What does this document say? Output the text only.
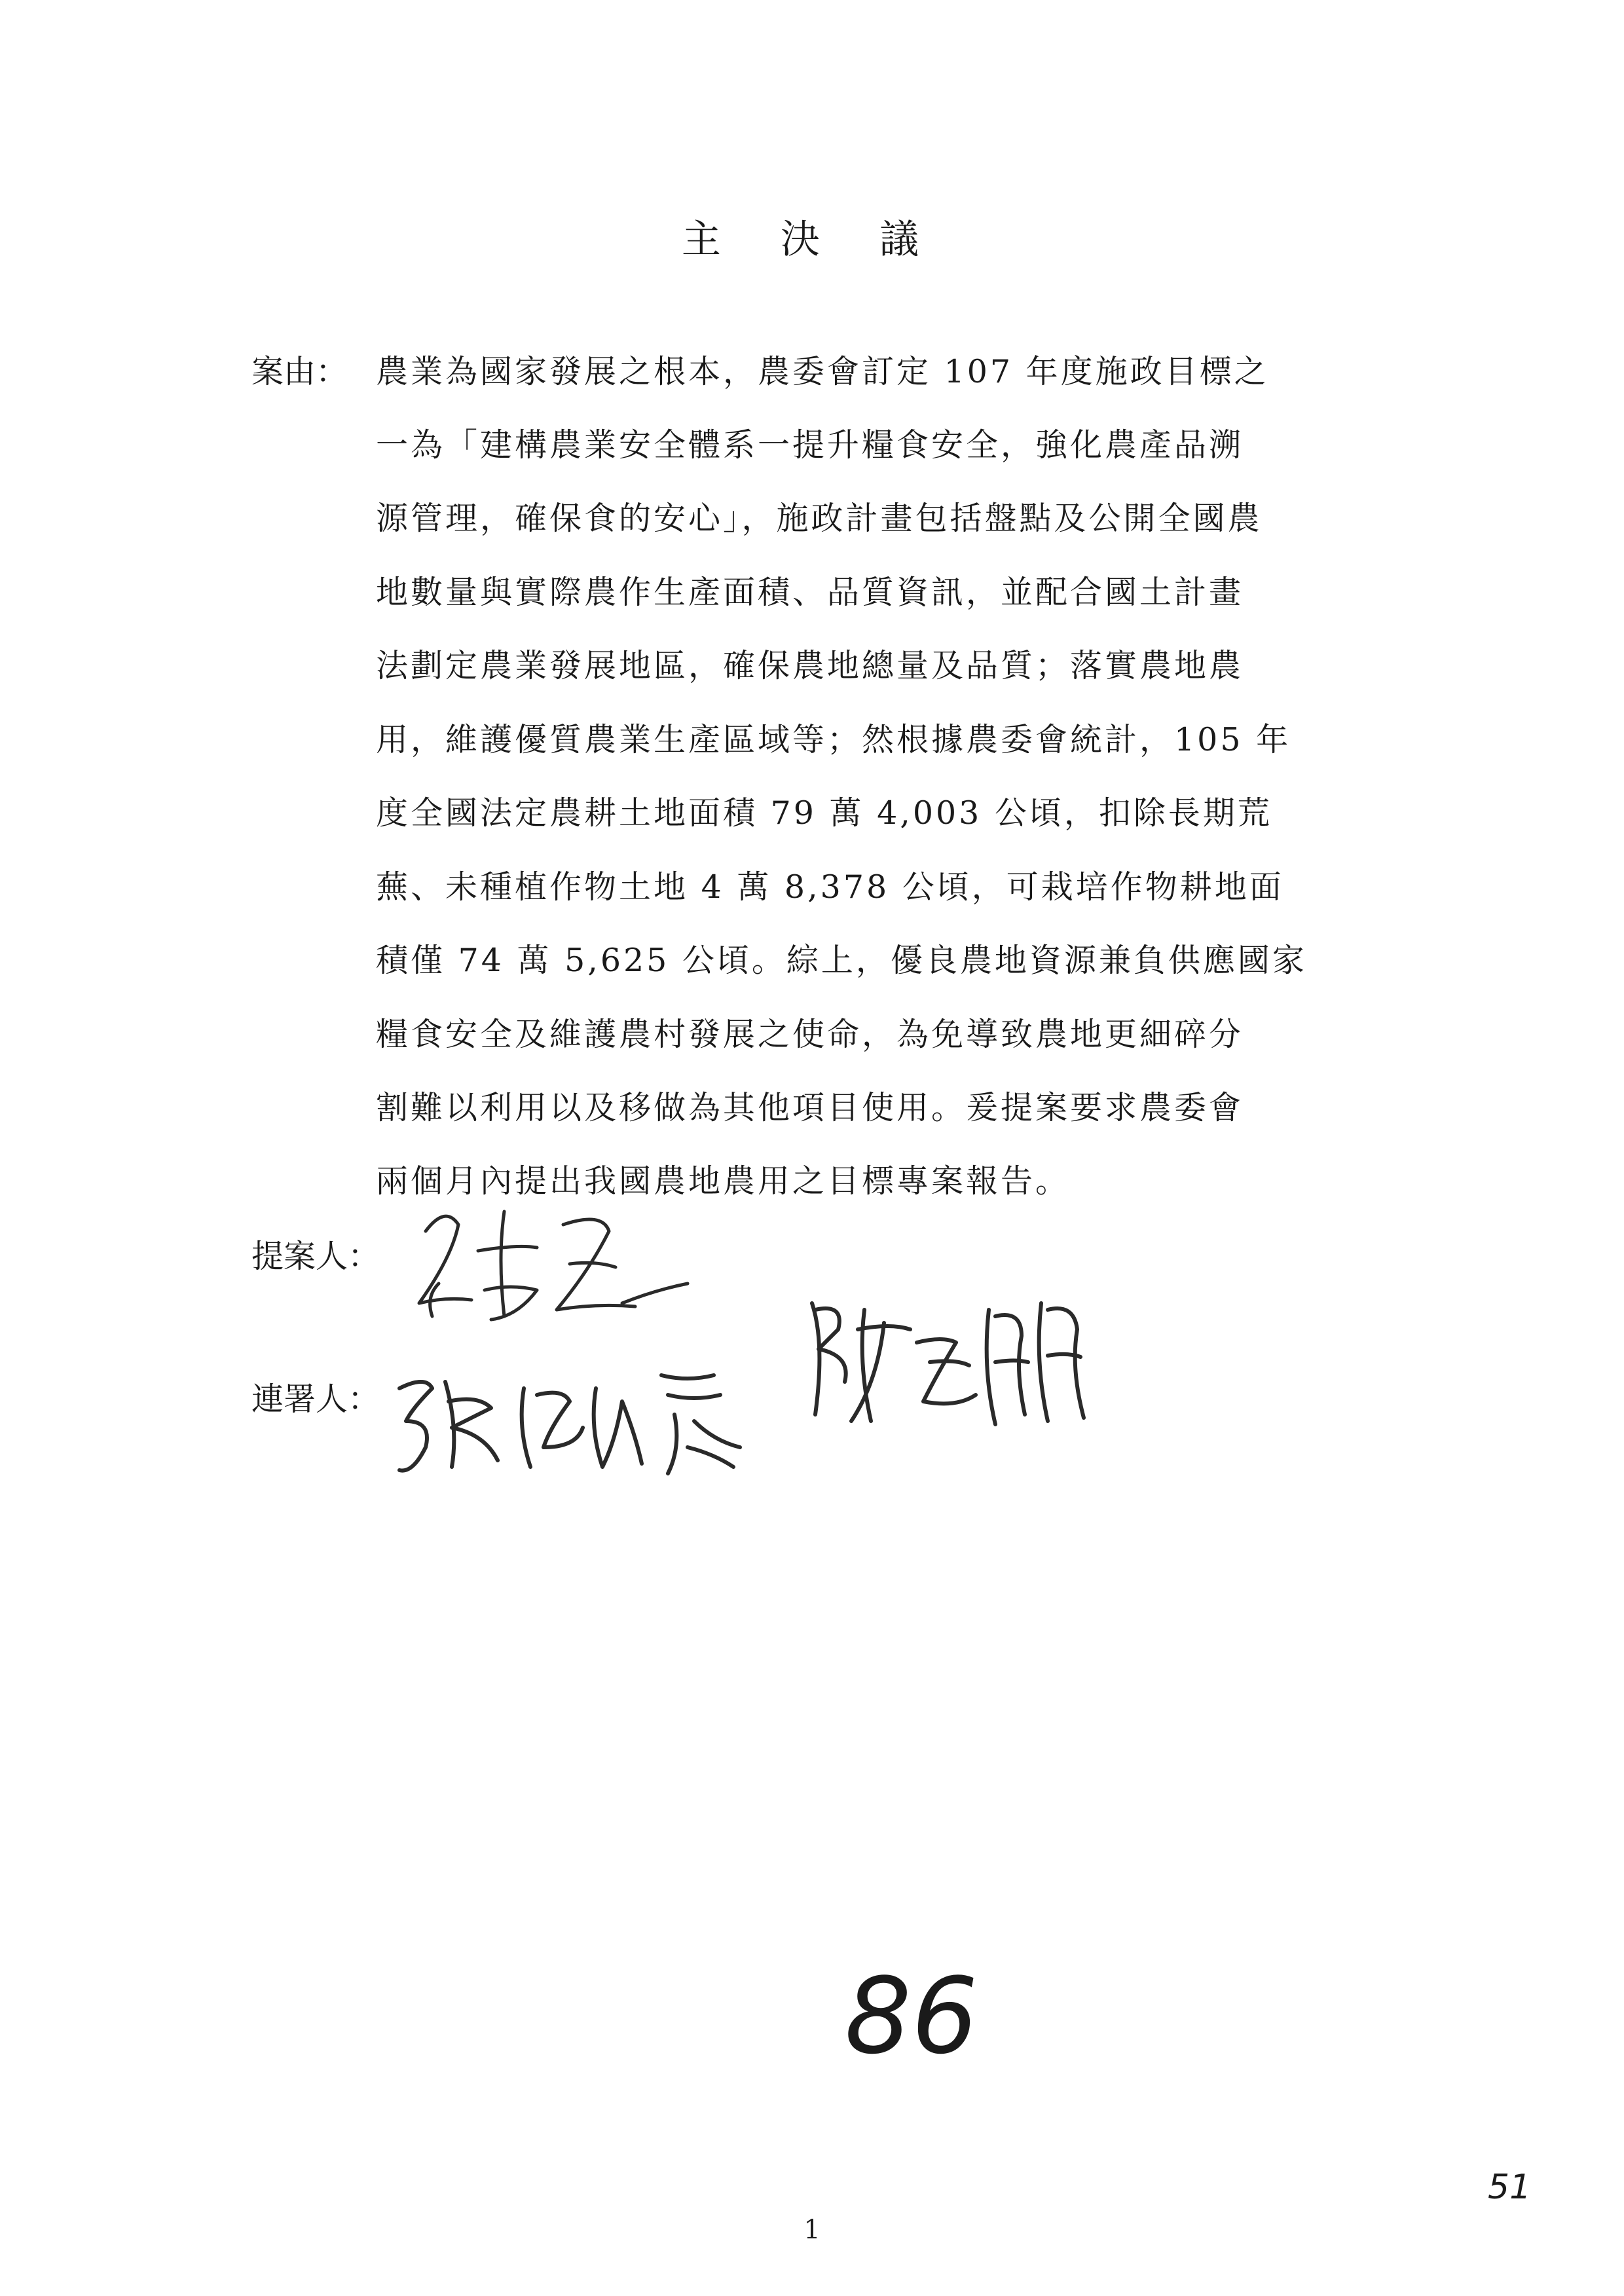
主 決 議
案由： 農業為國家發展之根本，農委會訂定 107 年度施政目標之
一為「建構農業安全體系一提升糧食安全，強化農產品溯
源管理，確保食的安心」，施政計畫包括盤點及公開全國農
地數量與實際農作生產面積、品質資訊，並配合國土計畫
法劃定農業發展地區，確保農地總量及品質；落實農地農
用，維護優質農業生產區域等；然根據農委會統計，105 年
度全國法定農耕土地面積 79 萬 4,003 公頃，扣除長期荒
蕪、未種植作物土地 4 萬 8,378 公頃，可栽培作物耕地面
積僅 74 萬 5,625 公頃。綜上，優良農地資源兼負供應國家
糧食安全及維護農村發展之使命，為免導致農地更細碎分
割難以利用以及移做為其他項目使用。爰提案要求農委會
兩個月內提出我國農地農用之目標專案報告。
提案人：
連署人：
86
51
1
